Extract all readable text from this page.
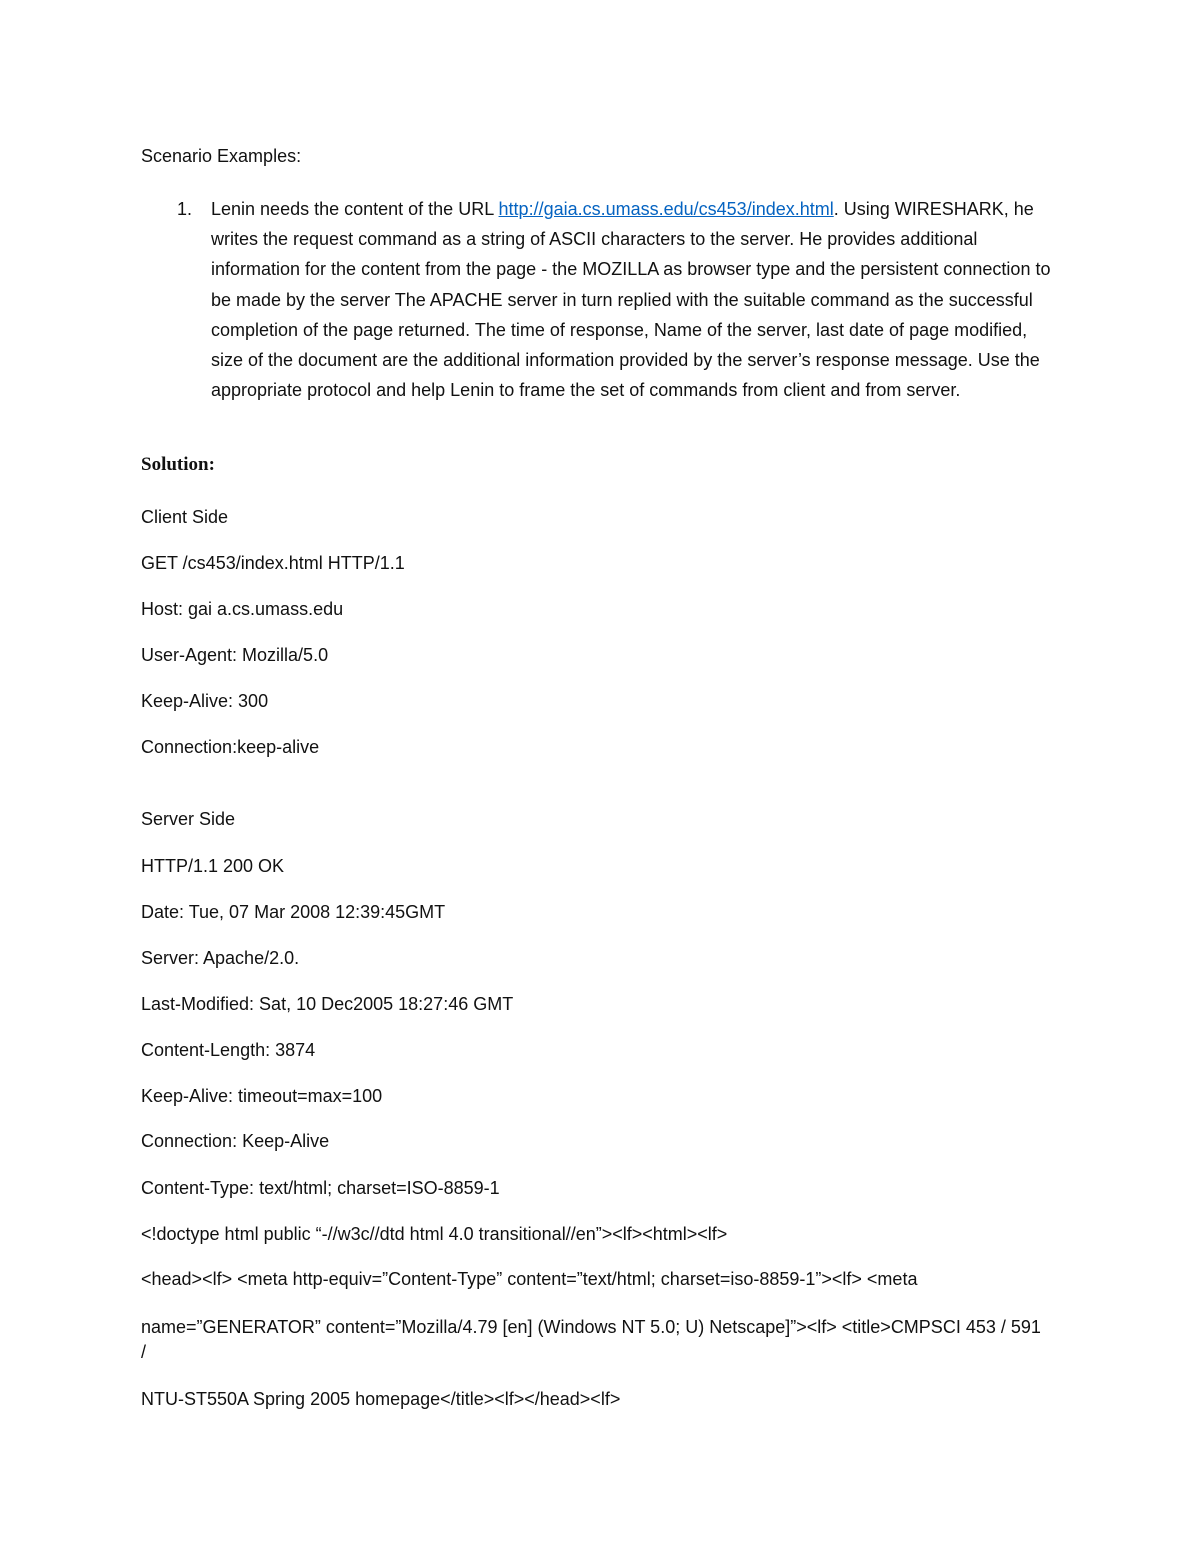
Scenario Examples:
1. Lenin needs the content of the URL http://gaia.cs.umass.edu/cs453/index.html. Using WIRESHARK, he writes the request command as a string of ASCII characters to the server. He provides additional information for the content from the page - the MOZILLA as browser type and the persistent connection to be made by the server The APACHE server in turn replied with the suitable command as the successful completion of the page returned. The time of response, Name of the server, last date of page modified, size of the document are the additional information provided by the server’s response message. Use the appropriate protocol and help Lenin to frame the set of commands from client and from server.
Solution:
Client Side
GET /cs453/index.html HTTP/1.1
Host: gai a.cs.umass.edu
User-Agent: Mozilla/5.0
Keep-Alive: 300
Connection:keep-alive
Server Side
HTTP/1.1 200 OK
Date: Tue, 07 Mar 2008 12:39:45GMT
Server: Apache/2.0.
Last-Modified: Sat, 10 Dec2005 18:27:46 GMT
Content-Length: 3874
Keep-Alive: timeout=max=100
Connection: Keep-Alive
Content-Type: text/html; charset=ISO-8859-1
<!doctype html public “-//w3c//dtd html 4.0 transitional//en”><lf><html><lf>
<head><lf> <meta http-equiv=”Content-Type” content=”text/html; charset=iso-8859-1”><lf> <meta
name=”GENERATOR” content=”Mozilla/4.79 [en] (Windows NT 5.0; U) Netscape]”><lf> <title>CMPSCI 453 / 591 /
NTU-ST550A Spring 2005 homepage</title><lf></head><lf>
